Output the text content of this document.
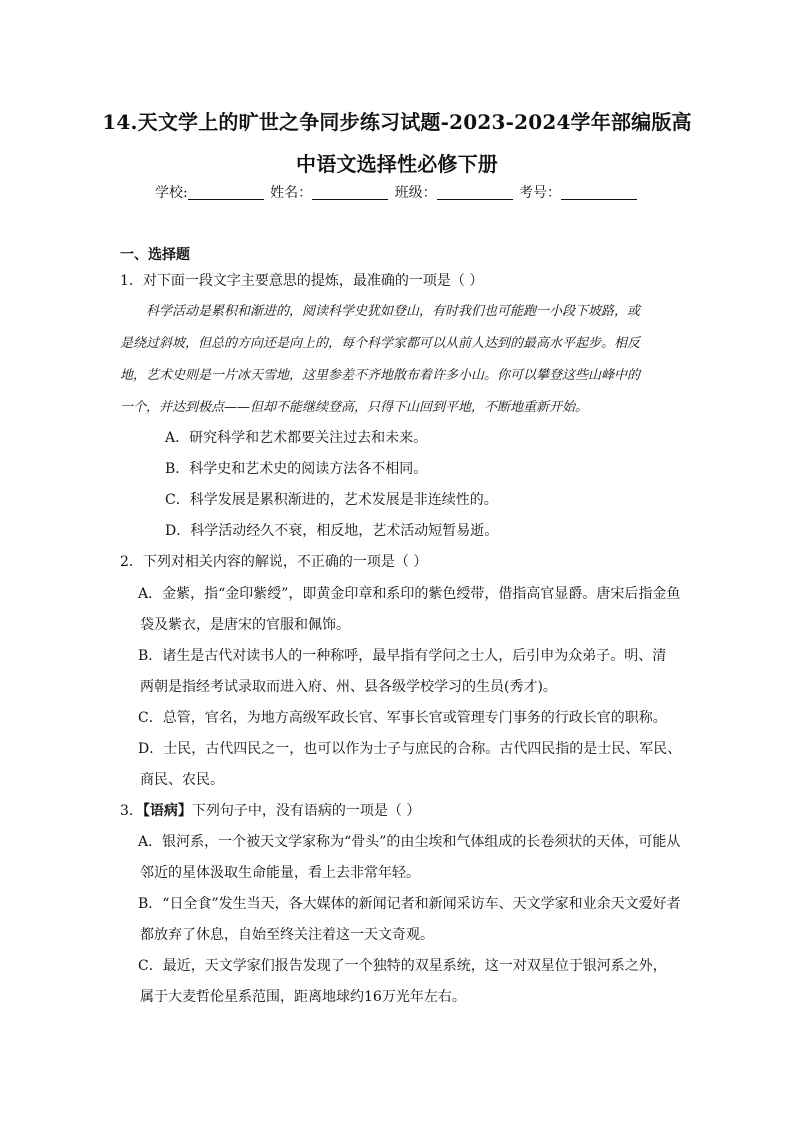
14.天文学上的旷世之争同步练习试题-2023-2024学年部编版高
中语文选择性必修下册
学校:	姓名：	班级：	考号：
一、选择题
1．对下面一段文字主要意思的提炼，最准确的一项是（ ）
科学活动是累积和渐进的，阅读科学史犹如登山，有时我们也可能跑一小段下坡路，或
是绕过斜坡，但总的方向还是向上的，每个科学家都可以从前人达到的最高水平起步。相反
地，艺术史则是一片冰天雪地，这里参差不齐地散布着许多小山。你可以攀登这些山峰中的
一个，并达到极点——但却不能继续登高，只得下山回到平地，不断地重新开始。
A．研究科学和艺术都要关注过去和未来。
B．科学史和艺术史的阅读方法各不相同。
C．科学发展是累积渐进的，艺术发展是非连续性的。
D．科学活动经久不衰，相反地，艺术活动短暂易逝。
2．下列对相关内容的解说，不正确的一项是（ ）
A．金紫，指“金印紫绶”，即黄金印章和系印的紫色绶带，借指高官显爵。唐宋后指金鱼
袋及紫衣，是唐宋的官服和佩饰。
B．诸生是古代对读书人的一种称呼，最早指有学问之士人，后引申为众弟子。明、清
两朝是指经考试录取而进入府、州、县各级学校学习的生员(秀才)。
C．总管，官名，为地方高级军政长官、军事长官或管理专门事务的行政长官的职称。
D．士民，古代四民之一，也可以作为士子与庶民的合称。古代四民指的是士民、军民、
商民、农民。
3．【语病】下列句子中，没有语病的一项是（ ）
A．银河系，一个被天文学家称为“骨头”的由尘埃和气体组成的长卷须状的天体，可能从
邻近的星体汲取生命能量，看上去非常年轻。
B．“日全食”发生当天，各大媒体的新闻记者和新闻采访车、天文学家和业余天文爱好者
都放弃了休息，自始至终关注着这一天文奇观。
C．最近，天文学家们报告发现了一个独特的双星系统，这一对双星位于银河系之外，
属于大麦哲伦星系范围，距离地球约16万光年左右。
